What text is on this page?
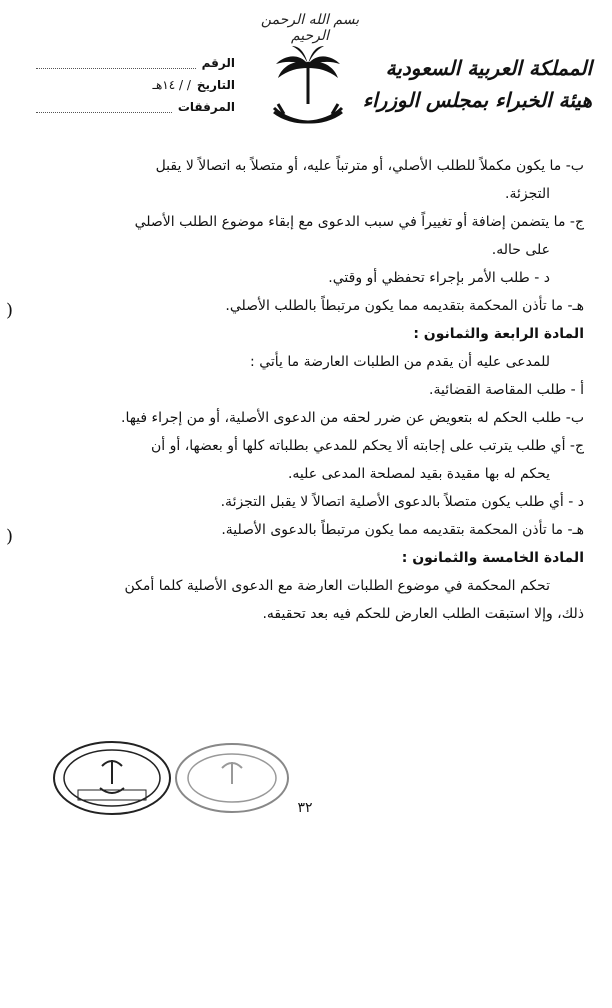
بسم الله الرحمن الرحيم
المملكة العربية السعودية
هيئة الخبراء بمجلس الوزراء
الرقم
التاريخ
/ / ١٤هـ
المرفقات
ب- ما يكون مكملاً للطلب الأصلي، أو مترتباً عليه، أو متصلاً به اتصالاً لا يقبل
التجزئة.
ج- ما يتضمن إضافة أو تغييراً في سبب الدعوى مع إبقاء موضوع الطلب الأصلي
على حاله.
د - طلب الأمر بإجراء تحفظي أو وقتي.
هـ- ما تأذن المحكمة بتقديمه مما يكون مرتبطاً بالطلب الأصلي.
المادة الرابعة والثمانون :
للمدعى عليه أن يقدم من الطلبات العارضة ما يأتي :
أ - طلب المقاصة القضائية.
ب- طلب الحكم له بتعويض عن ضرر لحقه من الدعوى الأصلية، أو من إجراء فيها.
ج- أي طلب يترتب على إجابته ألا يحكم للمدعي بطلباته كلها أو بعضها، أو أن
يحكم له بها مقيدة بقيد لمصلحة المدعى عليه.
د - أي طلب يكون متصلاً بالدعوى الأصلية اتصالاً لا يقبل التجزئة.
هـ- ما تأذن المحكمة بتقديمه مما يكون مرتبطاً بالدعوى الأصلية.
المادة الخامسة والثمانون :
تحكم المحكمة في موضوع الطلبات العارضة مع الدعوى الأصلية كلما أمكن
ذلك، وإلا استبقت الطلب العارض للحكم فيه بعد تحقيقه.
)
)
٣٢
